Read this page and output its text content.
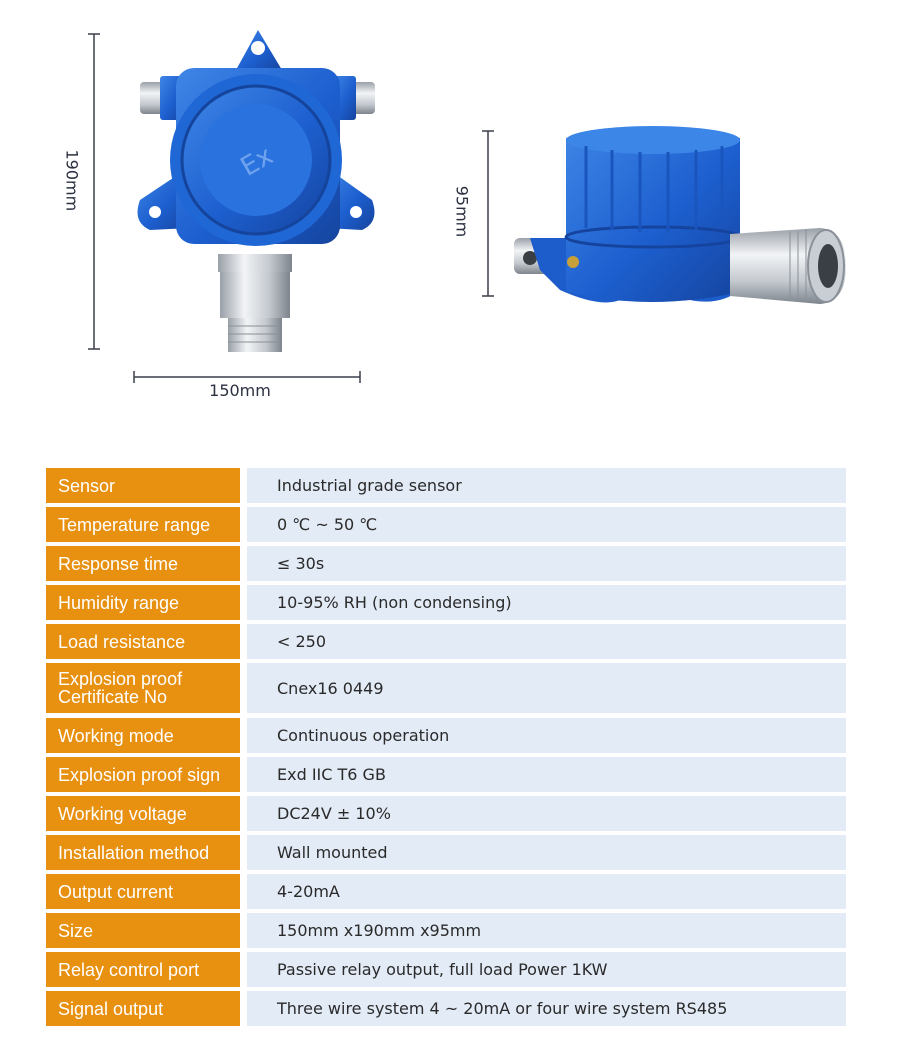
Ex
190mm
95mm
150mm
Sensor	Industrial grade sensor
Temperature range	0 ℃ ~ 50 ℃
Response time	≤ 30s
Humidity range	10-95% RH (non condensing)
Load resistance	< 250
Explosion proof
Certificate No	Cnex16 0449
Working mode	Continuous operation
Explosion proof sign	Exd IIC T6 GB
Working voltage	DC24V ± 10%
Installation method	Wall mounted
Output current	4-20mA
Size	150mm x190mm x95mm
Relay control port	Passive relay output, full load Power 1KW
Signal output	Three wire system 4 ~ 20mA or four wire system RS485
